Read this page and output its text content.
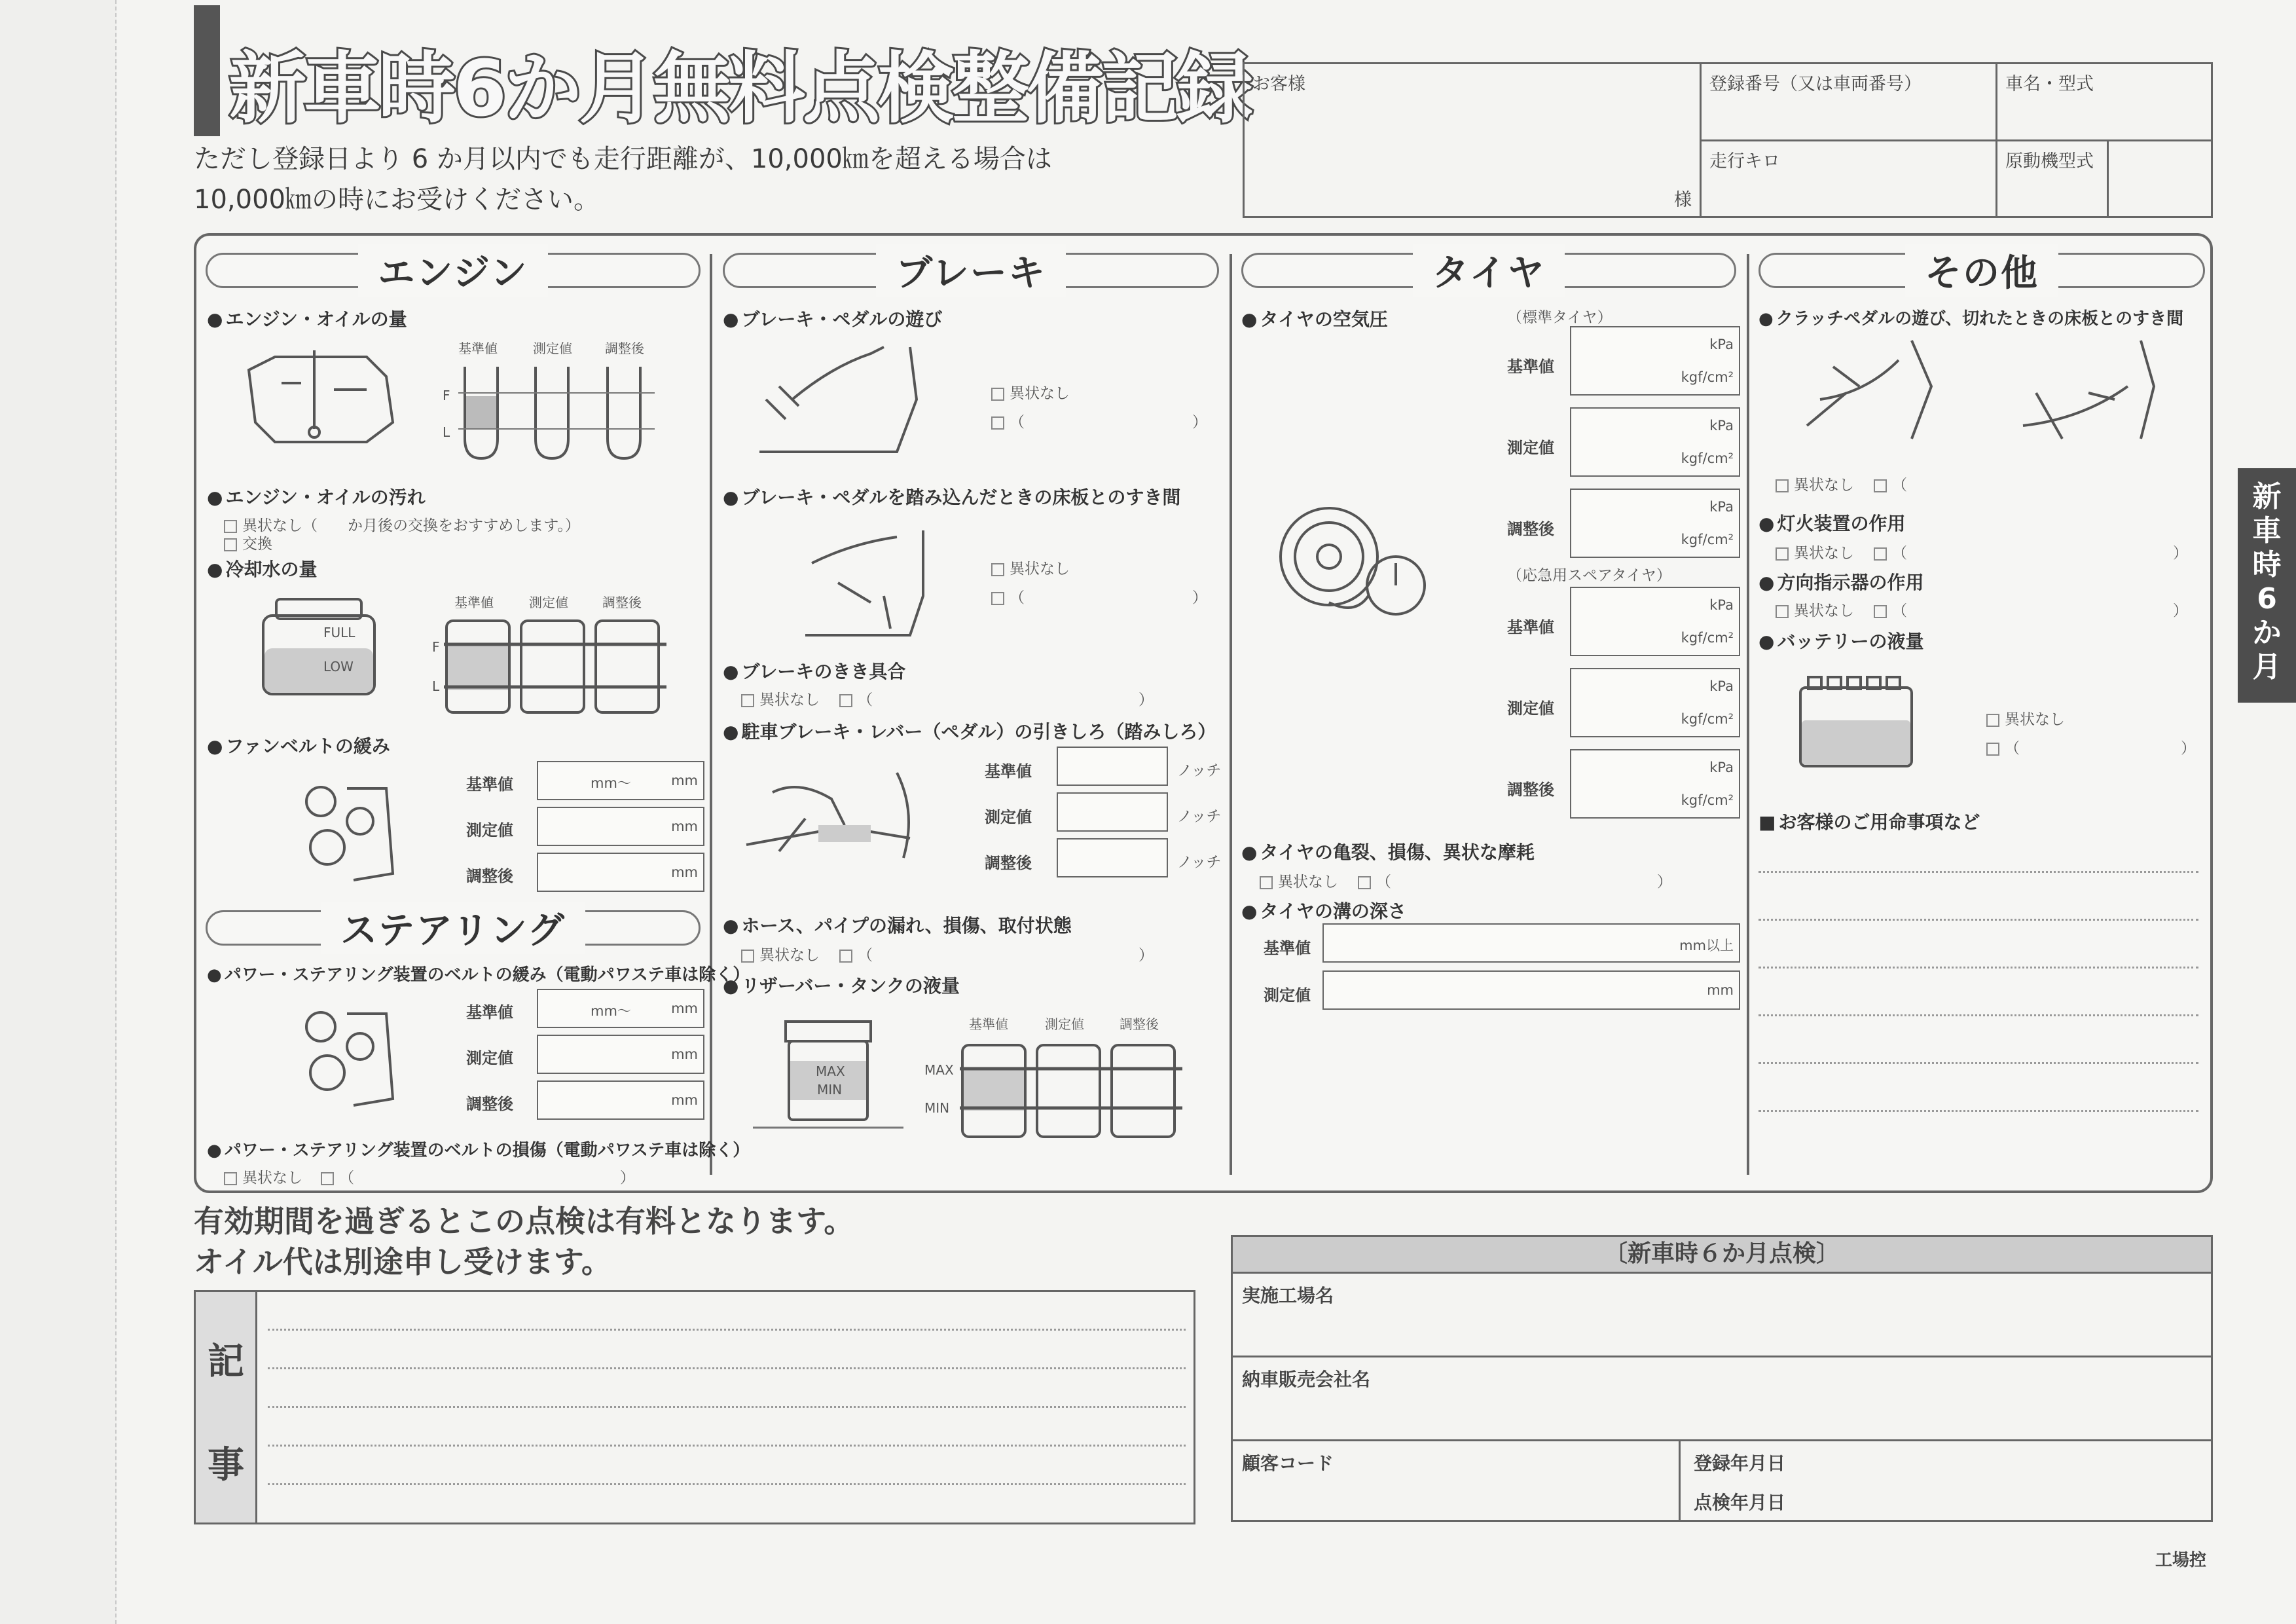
新車時6か月無料点検整備記録
ただし登録日より 6 か月以内でも走行距離が、10,000㎞を超える場合は
10,000㎞の時にお受けください。
お客様
様	登録番号（又は車両番号）	車名・型式	
	走行キロ	原動機型式	
エンジン	ブレーキ	タイヤ	その他
● エンジン・オイルの量
基準値	測定値	調整後
F
L
● エンジン・オイルの汚れ
異状なし（　　か月後の交換をおすすめします。）
交換
● 冷却水の量
FULL
LOW
基準値	測定値	調整後
F
L
● ファンベルトの緩み
基準値	mm～	mm
測定値	mm
調整後	mm
ステアリング
● パワー・ステアリング装置のベルトの緩み（電動パワステ車は除く）
基準値	mm～	mm
測定値	mm
調整後	mm
● パワー・ステアリング装置のベルトの損傷（電動パワステ車は除く）
異状なし	（	）
● ブレーキ・ペダルの遊び
異状なし
（	）
● ブレーキ・ペダルを踏み込んだときの床板とのすき間
異状なし
（	）
● ブレーキのきき具合
異状なし	（	）
● 駐車ブレーキ・レバー（ペダル）の引きしろ（踏みしろ）
基準値	ノッチ
測定値	ノッチ
調整後	ノッチ
● ホース、パイプの漏れ、損傷、取付状態
異状なし	（	）
● リザーバー・タンクの液量
MAX
MIN
基準値	測定値	調整後
MAX
MIN
● タイヤの空気圧	（標準タイヤ）
基準値
kPa
kgf/cm²
測定値
kPa
kgf/cm²
調整後
kPa
kgf/cm²
（応急用スペアタイヤ）
基準値
kPa
kgf/cm²
測定値
kPa
kgf/cm²
調整後
kPa
kgf/cm²
● タイヤの亀裂、損傷、異状な摩耗
異状なし	（	）
● タイヤの溝の深さ
基準値	mm以上
測定値	mm
● クラッチペダルの遊び、切れたときの床板とのすき間
異状なし	（
● 灯火装置の作用
異状なし	（	）
● 方向指示器の作用
異状なし	（	）
● バッテリーの液量
異状なし
（	）
■ お客様のご用命事項など
新
車
時
6
か
月
有効期間を過ぎるとこの点検は有料となります。
オイル代は別途申し受けます。
記
事
〔新車時６か月点検〕
実施工場名
納車販売会社名
顧客コード	登録年月日
点検年月日
工場控
